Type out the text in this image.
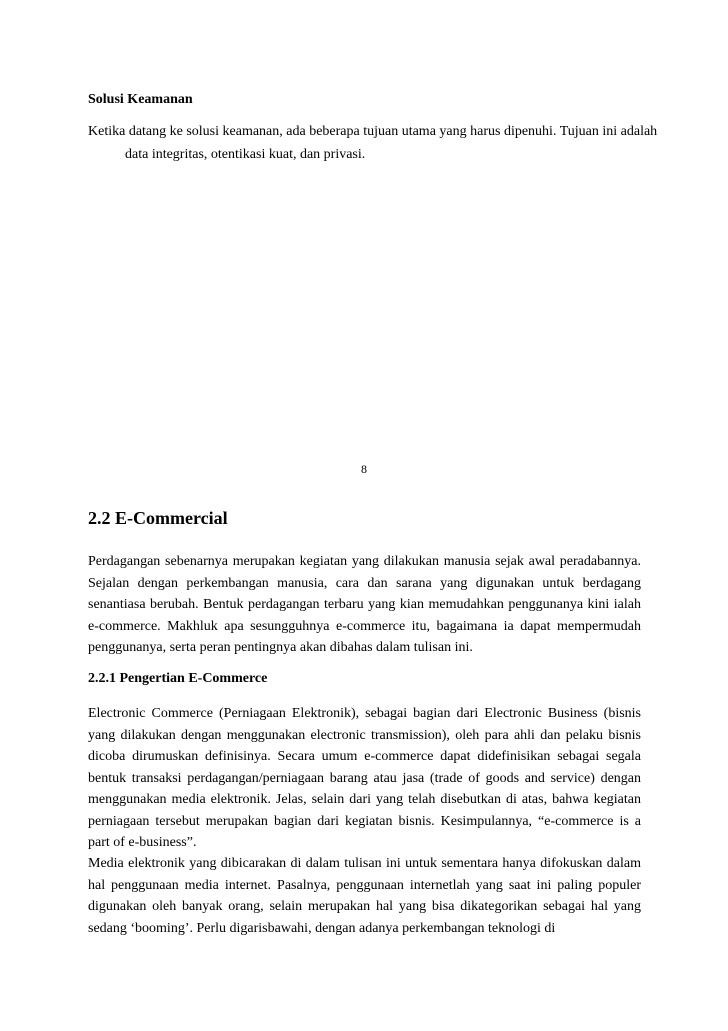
Solusi Keamanan
Ketika datang ke solusi keamanan, ada beberapa tujuan utama yang harus dipenuhi. Tujuan ini adalah data integritas, otentikasi kuat, dan privasi.
8
2.2 E-Commercial
Perdagangan sebenarnya merupakan kegiatan yang dilakukan manusia sejak awal peradabannya. Sejalan dengan perkembangan manusia, cara dan sarana yang digunakan untuk berdagang senantiasa berubah. Bentuk perdagangan terbaru yang kian memudahkan penggunanya kini ialah e-commerce. Makhluk apa sesungguhnya e-commerce itu, bagaimana ia dapat mempermudah penggunanya, serta peran pentingnya akan dibahas dalam tulisan ini.
2.2.1 Pengertian E-Commerce
Electronic Commerce (Perniagaan Elektronik), sebagai bagian dari Electronic Business (bisnis yang dilakukan dengan menggunakan electronic transmission), oleh para ahli dan pelaku bisnis dicoba dirumuskan definisinya. Secara umum e-commerce dapat didefinisikan sebagai segala bentuk transaksi perdagangan/perniagaan barang atau jasa (trade of goods and service) dengan menggunakan media elektronik. Jelas, selain dari yang telah disebutkan di atas, bahwa kegiatan perniagaan tersebut merupakan bagian dari kegiatan bisnis. Kesimpulannya, “e-commerce is a part of e-business”.
Media elektronik yang dibicarakan di dalam tulisan ini untuk sementara hanya difokuskan dalam hal penggunaan media internet. Pasalnya, penggunaan internetlah yang saat ini paling populer digunakan oleh banyak orang, selain merupakan hal yang bisa dikategorikan sebagai hal yang sedang ‘booming’. Perlu digarisbawahi, dengan adanya perkembangan teknologi di
